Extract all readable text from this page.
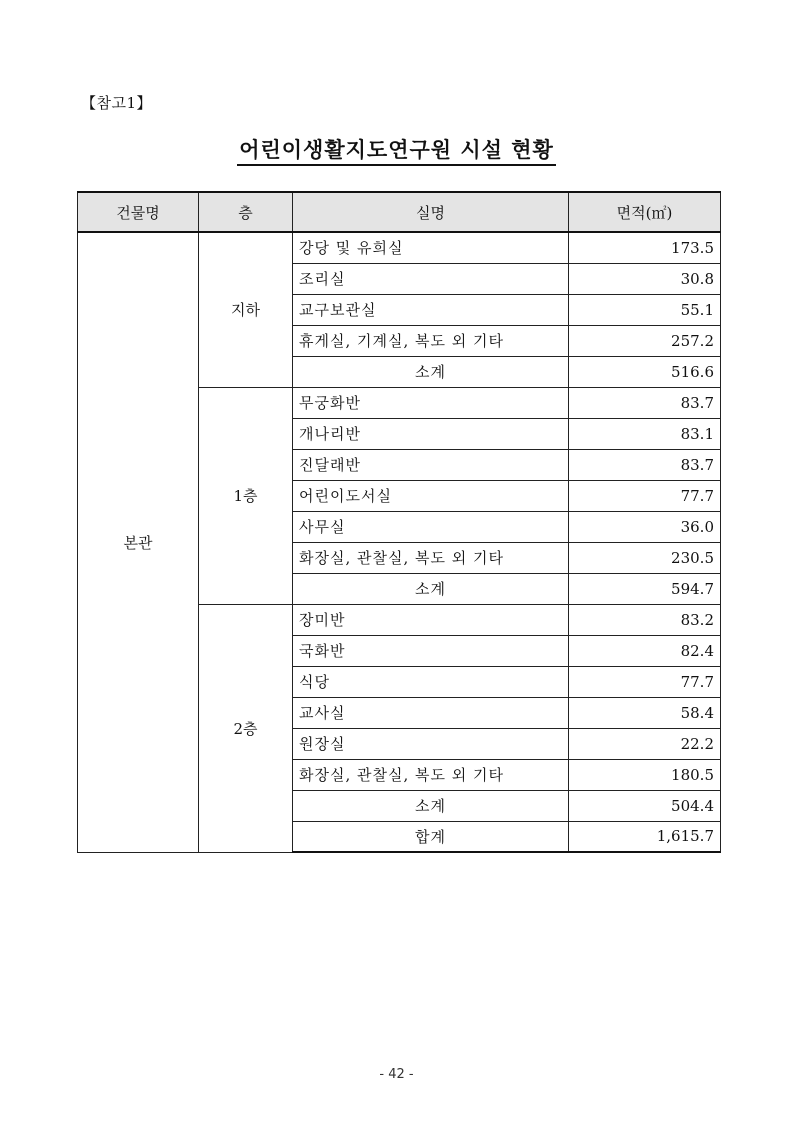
【참고1】
어린이생활지도연구원 시설 현황
건물명	층	실명	면적(㎡)
본관	지하	강당 및 유희실	173.5
		조리실	30.8
		교구보관실	55.1
		휴게실, 기계실, 복도 외 기타	257.2
		소계	516.6
	1층	무궁화반	83.7
		개나리반	83.1
		진달래반	83.7
		어린이도서실	77.7
		사무실	36.0
		화장실, 관찰실, 복도 외 기타	230.5
		소계	594.7
	2층	장미반	83.2
		국화반	82.4
		식당	77.7
		교사실	58.4
		원장실	22.2
		화장실, 관찰실, 복도 외 기타	180.5
		소계	504.4
		합계	1,615.7
- 42 -
